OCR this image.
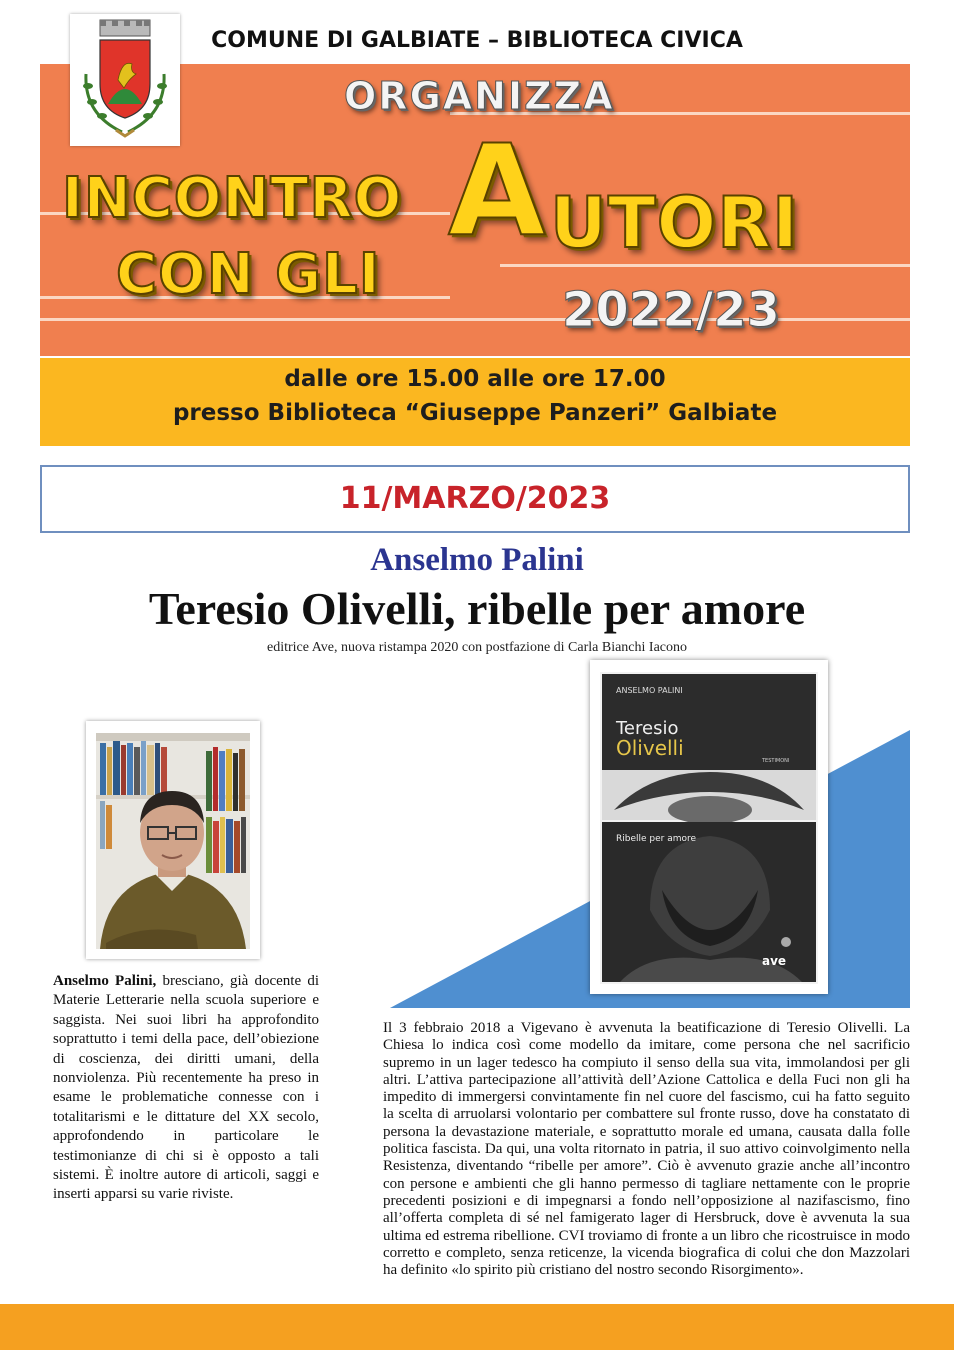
COMUNE DI GALBIATE – BIBLIOTECA CIVICA
ORGANIZZA
INCONTRO
CON GLI
A UTORI
2022/23
dalle ore 15.00 alle ore 17.00
presso Biblioteca “Giuseppe Panzeri” Galbiate
11/MARZO/2023
Anselmo Palini
Teresio Olivelli, ribelle per amore
editrice Ave, nuova ristampa 2020 con postfazione di Carla Bianchi Iacono
ANSELMO PALINI
Teresio
Olivelli
TESTIMONI
Ribelle per amore
ave
Anselmo Palini, bresciano, già docente di Materie Letterarie nella scuola superiore e saggista. Nei suoi libri ha approfondito soprattutto i temi della pace, dell’obiezione di coscienza, dei diritti umani, della nonviolenza. Più recentemente ha preso in esame le problematiche connesse con i totalitarismi e le dittature del XX secolo, approfondendo in particolare le testimonianze di chi si è opposto a tali sistemi. È inoltre autore di articoli, saggi e inserti apparsi su varie riviste.
Il 3 febbraio 2018 a Vigevano è avvenuta la beatificazione di Teresio Olivelli. La Chiesa lo indica così come modello da imitare, come persona che nel sacrificio supremo in un lager tedesco ha compiuto il senso della sua vita, immolandosi per gli altri. L’attiva partecipazione all’attività dell’Azione Cattolica e della Fuci non gli ha impedito di immergersi convintamente fin nel cuore del fascismo, cui ha fatto seguito la scelta di arruolarsi volontario per combattere sul fronte russo, dove ha constatato di persona la devastazione materiale, e soprattutto morale ed umana, causata dalla folle politica fascista. Da qui, una volta ritornato in patria, il suo attivo coinvolgimento nella Resistenza, diventando “ribelle per amore”. Ciò è avvenuto grazie anche all’incontro con persone e ambienti che gli hanno permesso di tagliare nettamente con le proprie precedenti posizioni e di impegnarsi a fondo nell’opposizione al nazifascismo, fino all’offerta completa di sé nel famigerato lager di Hersbruck, dove è avvenuta la sua ultima ed estrema ribellione. CVI troviamo di fronte a un libro che ricostruisce in modo corretto e completo, senza reticenze, la vicenda biografica di colui che don Mazzolari ha definito «lo spirito più cristiano del nostro secondo Risorgimento».
